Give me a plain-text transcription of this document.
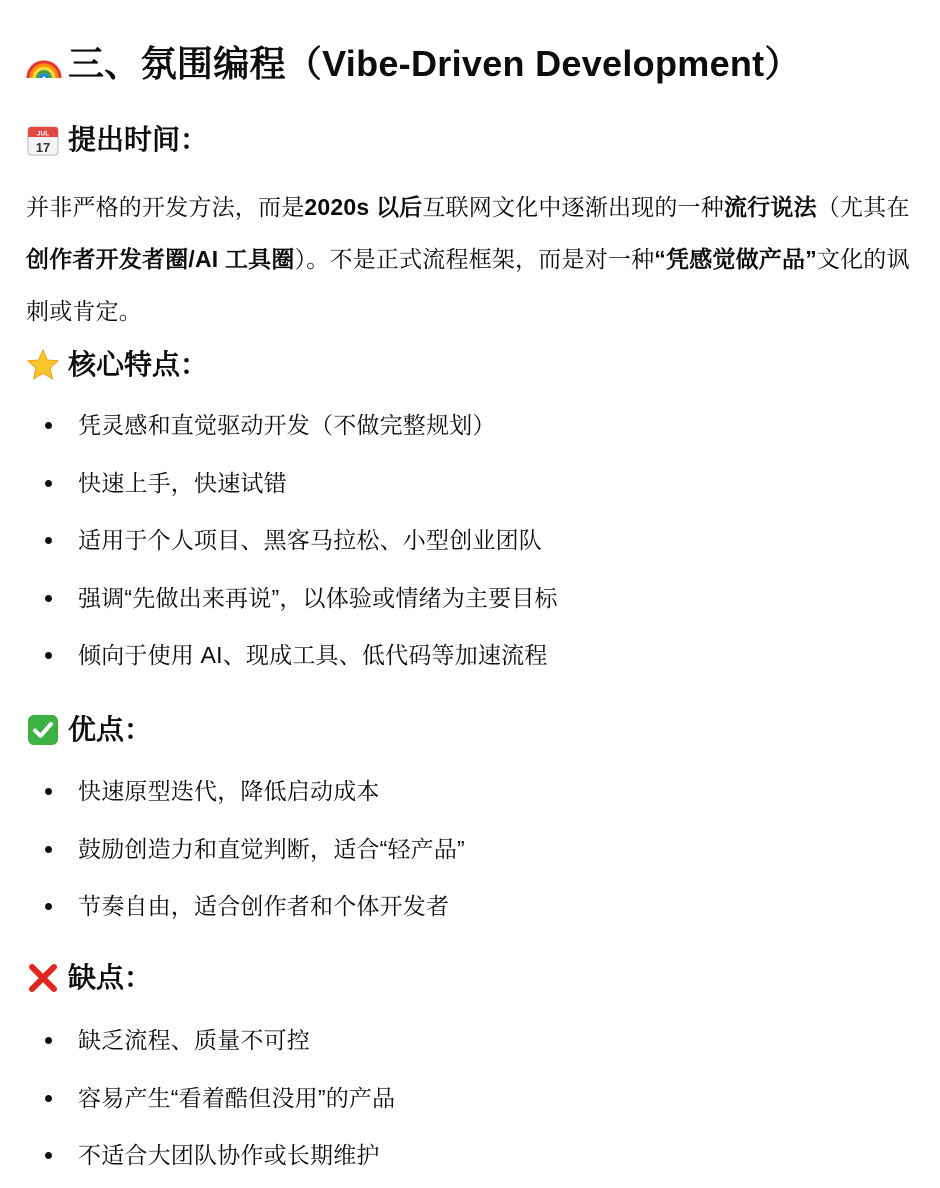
三、氛围编程（Vibe-Driven Development）
JUL
17 提出时间：

并非严格的开发方法，而是2020s 以后互联网文化中逐渐出现的一种流行说法（尤其在创作者开发者圈/AI 工具圈）。不是正式流程框架，而是对一种“凭感觉做产品”文化的讽刺或肯定。

核心特点：
凭灵感和直觉驱动开发（不做完整规划）
快速上手，快速试错
适用于个人项目、黑客马拉松、小型创业团队
强调“先做出来再说”，以体验或情绪为主要目标
倾向于使用 AI、现成工具、低代码等加速流程
优点：
快速原型迭代，降低启动成本
鼓励创造力和直觉判断，适合“轻产品”
节奏自由，适合创作者和个体开发者
缺点：
缺乏流程、质量不可控
容易产生“看着酷但没用”的产品
不适合大团队协作或长期维护
